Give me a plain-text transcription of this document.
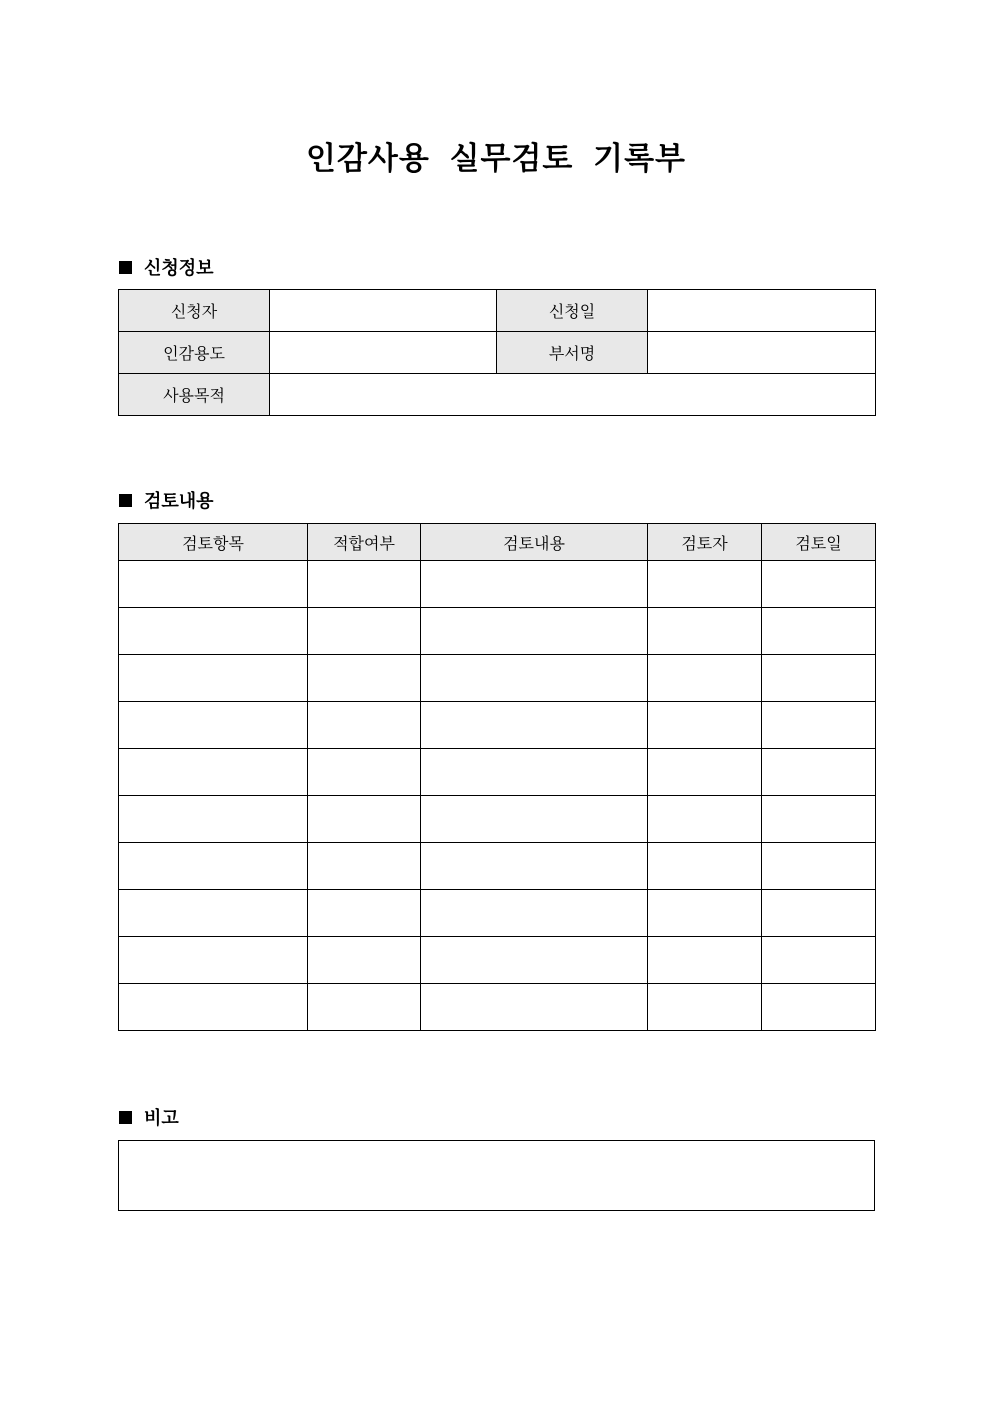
인감사용 실무검토 기록부
신청정보
신청자		신청일	
인감용도		부서명	
사용목적			
검토내용
검토항목	적합여부	검토내용	검토자	검토일

비고
